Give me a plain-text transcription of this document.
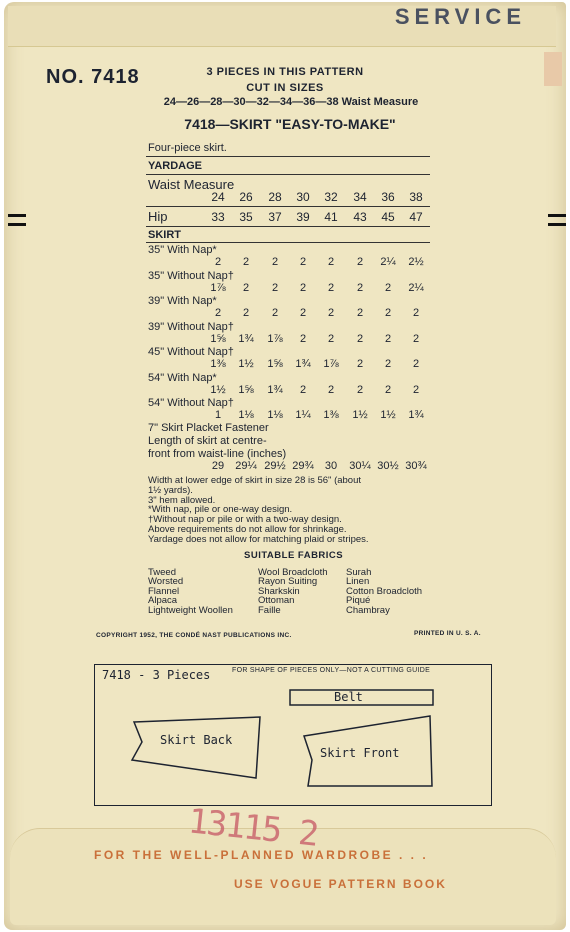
SERVICE
NO. 7418	3 PIECES IN THIS PATTERN
CUT IN SIZES
24—26—28—30—32—34—36—38 Waist Measure
7418—SKIRT "EASY-TO-MAKE"
Four-piece skirt.
YARDAGE
Waist Measure
24	26	28	30	32	34	36	38
Hip	33	35	37	39	41	43	45	47
SKIRT
35" With Nap*
2	2	2	2	2	2	2¼	2½
35" Without Nap†
1⅞	2	2	2	2	2	2	2¼
39" With Nap*
2	2	2	2	2	2	2	2
39" Without Nap†
1⅝	1¾	1⅞	2	2	2	2	2
45" Without Nap†
1⅜	1½	1⅝	1¾	1⅞	2	2	2
54" With Nap*
1½	1⅝	1¾	2	2	2	2	2
54" Without Nap†
1	1⅛	1⅛	1¼	1⅜	1½	1½	1¾
7" Skirt Placket Fastener
Length of skirt at centre-
front from waist-line (inches)
29	29¼ 29½ 29¾	30	30¼ 30½ 30¾
Width at lower edge of skirt in size 28 is 56" (about
1½ yards).
3" hem allowed.
*With nap, pile or one-way design.
†Without nap or pile or with a two-way design.
Above requirements do not allow for shrinkage.
Yardage does not allow for matching plaid or stripes.
SUITABLE FABRICS
Tweed
Worsted
Flannel
Alpaca
Lightweight Woollen
Wool Broadcloth
Rayon Suiting
Sharkskin
Ottoman
Faille
Surah
Linen
Cotton Broadcloth
Piqué
Chambray
COPYRIGHT 1952, THE CONDÉ NAST PUBLICATIONS INC.	PRINTED IN U. S. A.
7418 - 3 Pieces	FOR SHAPE OF PIECES ONLY—NOT A CUTTING GUIDE
Belt
Skirt Back
Skirt Front
13115 2
FOR THE WELL-PLANNED WARDROBE . . .
USE VOGUE PATTERN BOOK
